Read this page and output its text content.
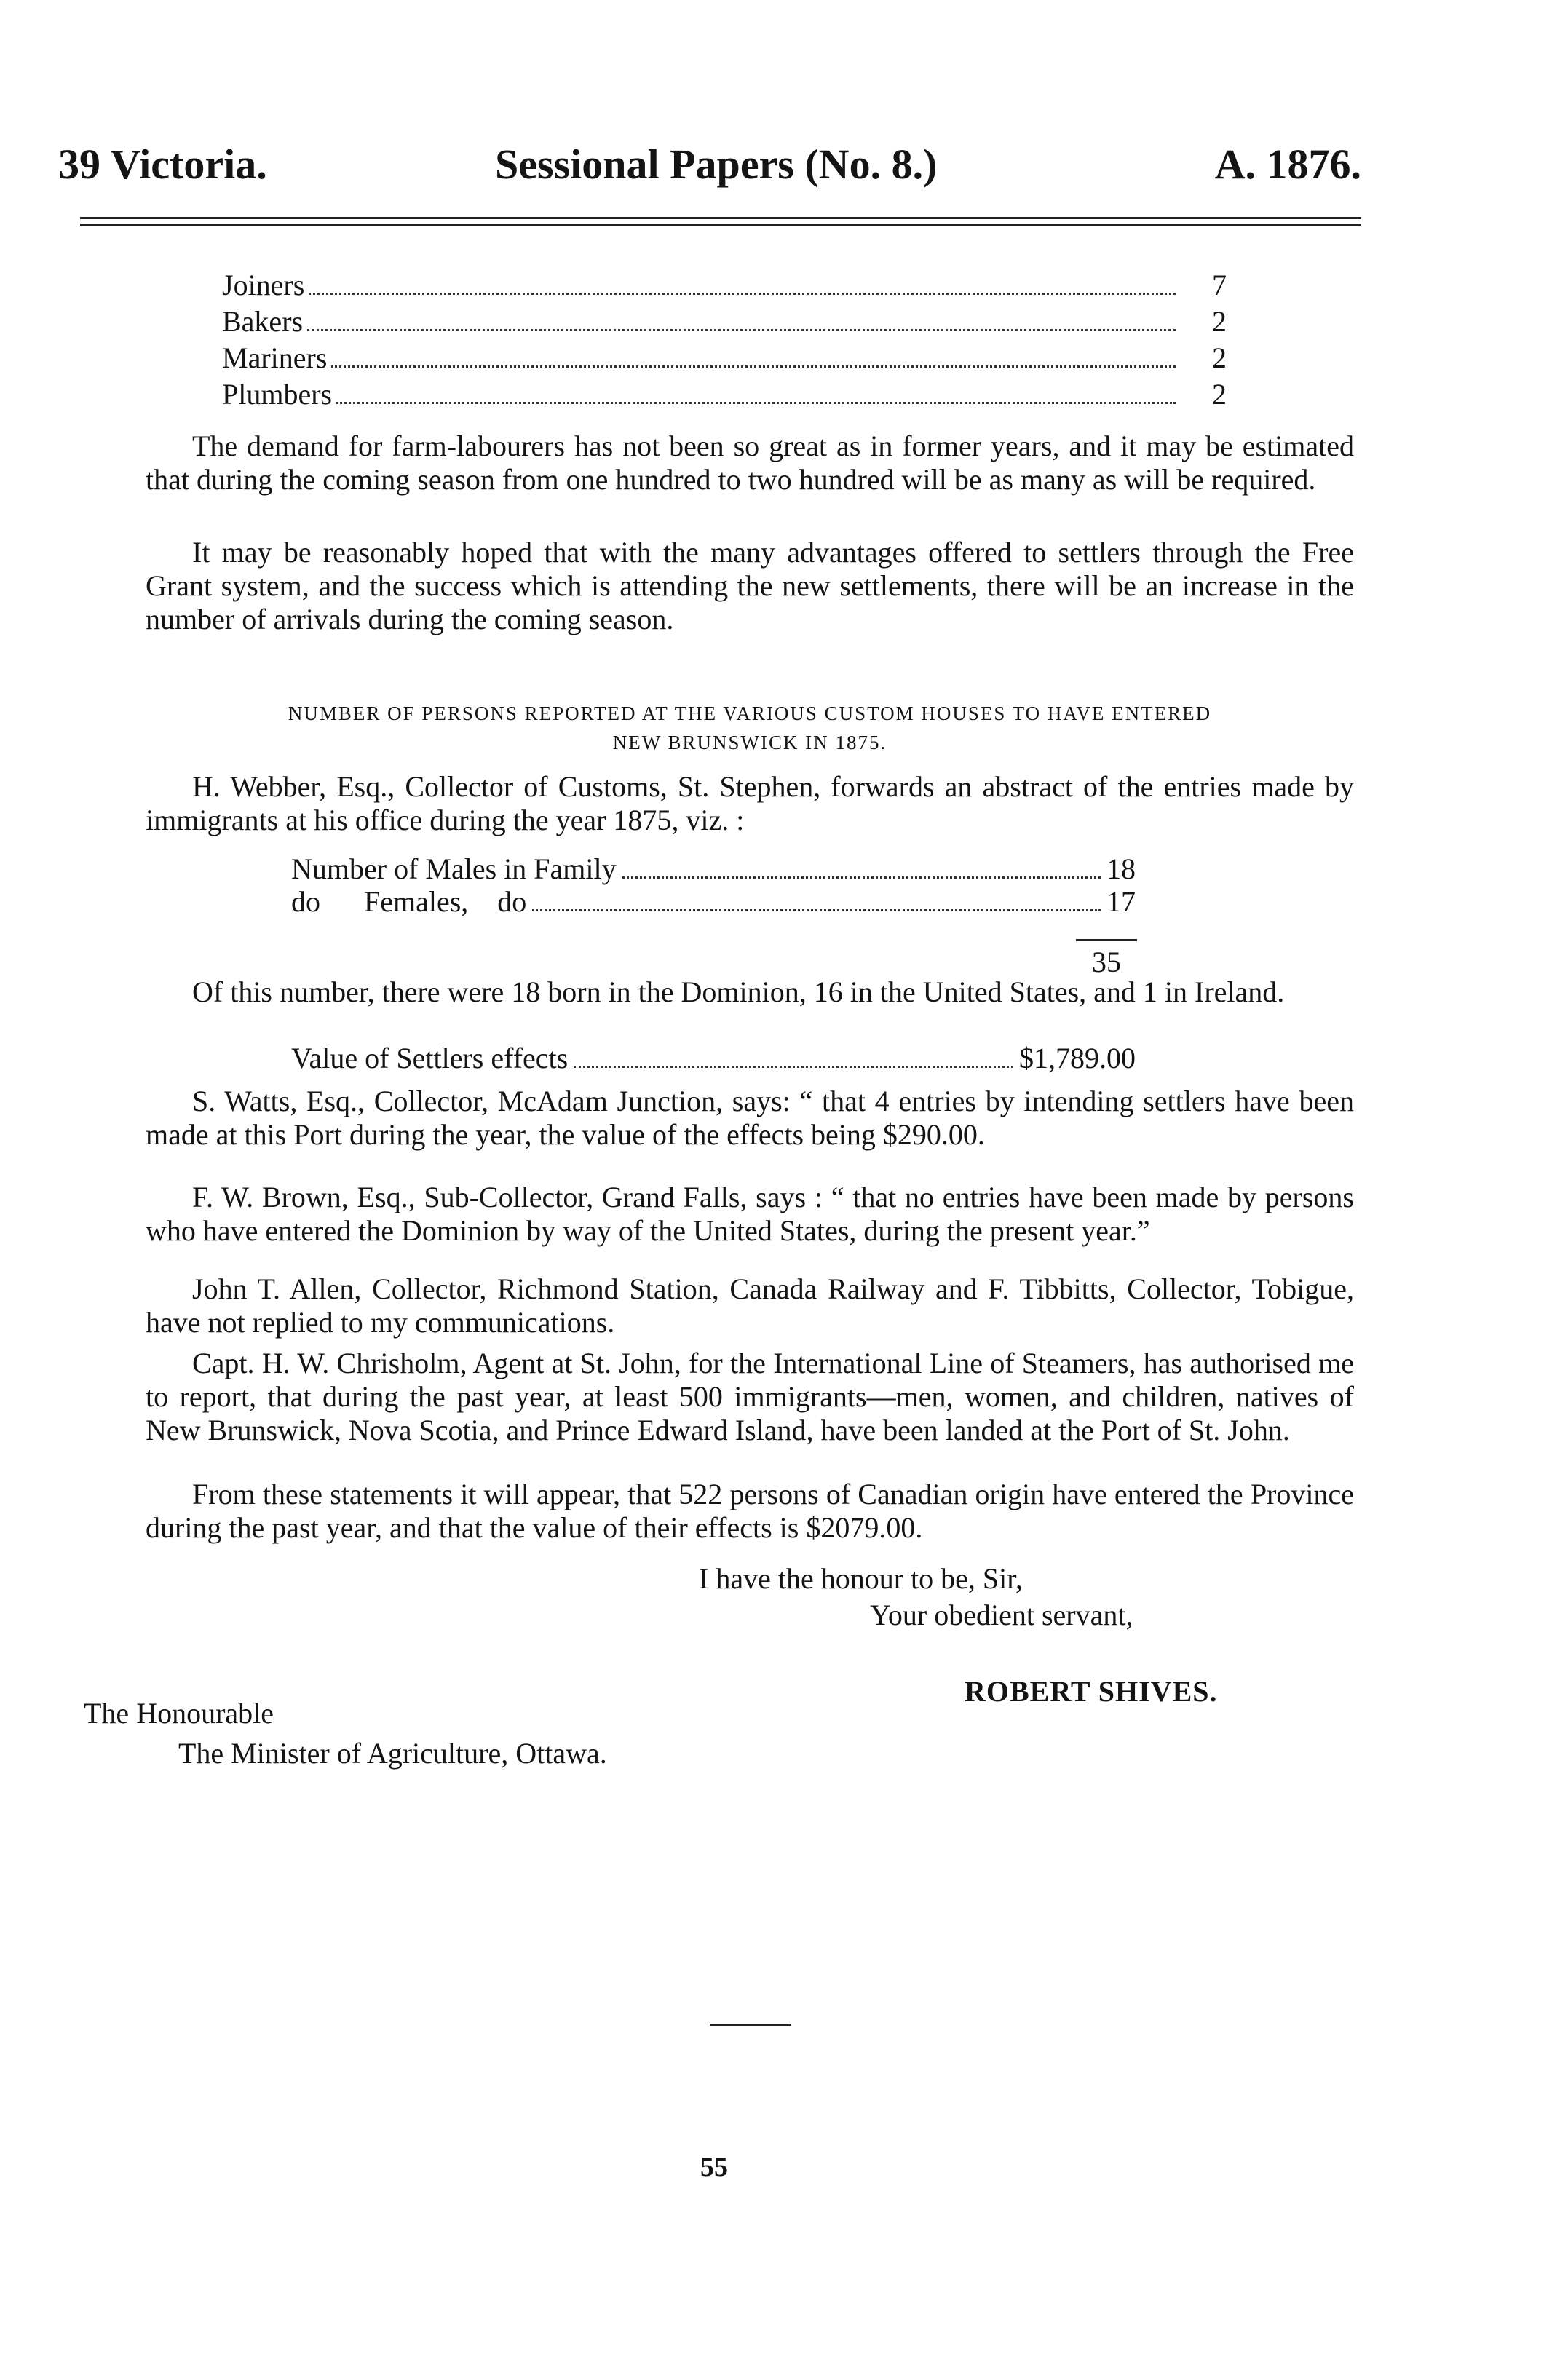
39 Victoria.	Sessional Papers (No. 8.)	A. 1876.
Joiners	7
Bakers	2
Mariners	2
Plumbers	2

The demand for farm-labourers has not been so great as in former years, and it may be estimated that during the coming season from one hundred to two hundred will be as many as will be required.

It may be reasonably hoped that with the many advantages offered to settlers through the Free Grant system, and the success which is attending the new settlements, there will be an increase in the number of arrivals during the coming season.

NUMBER OF PERSONS REPORTED AT THE VARIOUS CUSTOM HOUSES TO HAVE ENTERED
NEW BRUNSWICK IN 1875.

H. Webber, Esq., Collector of Customs, St. Stephen, forwards an abstract of the entries made by immigrants at his office during the year 1875, viz. :

Number of Males in Family	18
do      Females,    do	17
35

Of this number, there were 18 born in the Dominion, 16 in the United States, and 1 in Ireland.

Value of Settlers effects	$1,789.00

S. Watts, Esq., Collector, McAdam Junction, says: “ that 4 entries by intending settlers have been made at this Port during the year, the value of the effects being $290.00.

F. W. Brown, Esq., Sub-Collector, Grand Falls, says : “ that no entries have been made by persons who have entered the Dominion by way of the United States, during the present year.”

John T. Allen, Collector, Richmond Station, Canada Railway and F. Tibbitts, Collector, Tobigue, have not replied to my communications.

Capt. H. W. Chrisholm, Agent at St. John, for the International Line of Steamers, has authorised me to report, that during the past year, at least 500 immigrants—men, women, and children, natives of New Brunswick, Nova Scotia, and Prince Edward Island, have been landed at the Port of St. John.

From these statements it will appear, that 522 persons of Canadian origin have entered the Province during the past year, and that the value of their effects is $2079.00.

I have the honour to be, Sir,
Your obedient servant,
ROBERT SHIVES.
The Honourable
The Minister of Agriculture, Ottawa.
55
